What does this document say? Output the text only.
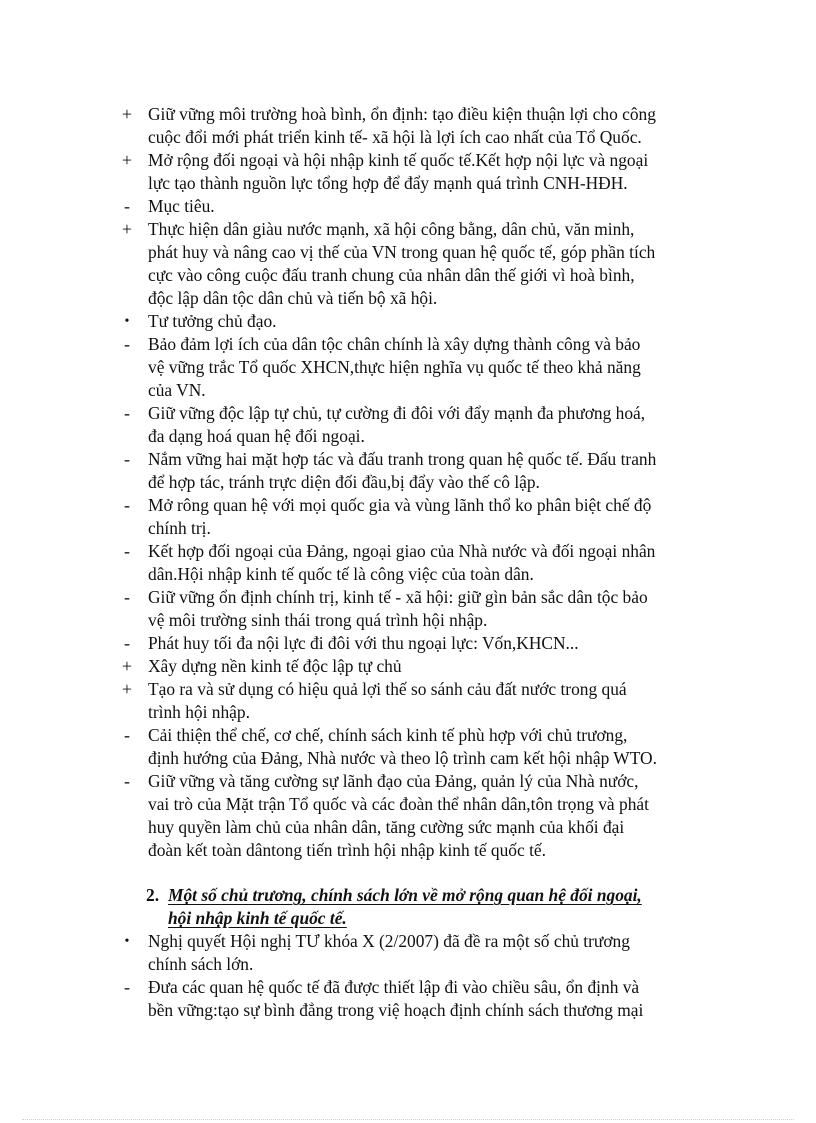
+ Giữ vững môi trường hoà bình, ổn định: tạo điều kiện thuận lợi cho công
cuộc đổi mới phát triển kinh tế- xã hội là lợi ích cao nhất của Tổ Quốc.
+ Mở rộng đối ngoại và hội nhập kinh tế quốc tế.Kết hợp nội lực và ngoại
lực tạo thành nguồn lực tổng hợp để đẩy mạnh quá trình CNH-HĐH.
-	Mục tiêu.
+ Thực hiện dân giàu nước mạnh, xã hội công bằng, dân chủ, văn minh,
phát huy và nâng cao vị thế của VN trong quan hệ quốc tế, góp phần tích
cực vào công cuộc đấu tranh chung của nhân dân thế giới vì hoà bình,
độc lập dân tộc dân chủ và tiến bộ xã hội.
•	Tư tưởng chủ đạo.
-	Bảo đảm lợi ích của dân tộc chân chính là xây dựng thành công và bảo
vệ vững trắc Tổ quốc XHCN,thực hiện nghĩa vụ quốc tế theo khả năng
của VN.
-	Giữ vững độc lập tự chủ, tự cường đi đôi với đẩy mạnh đa phương hoá,
đa dạng hoá quan hệ đối ngoại.
-	Nắm vững hai mặt hợp tác và đấu tranh trong quan hệ quốc tế. Đấu tranh
để hợp tác, tránh trực diện đối đầu,bị đẩy vào thế cô lập.
-	Mở rông quan hệ với mọi quốc gia và vùng lãnh thổ ko phân biệt chế độ
chính trị.
-	Kết hợp đối ngoại của Đảng, ngoại giao của Nhà nước và đối ngoại nhân
dân.Hội nhập kinh tế quốc tế là công việc của toàn dân.
-	Giữ vững ổn định chính trị, kinh tế - xã hội: giữ gìn bản sắc dân tộc bảo
vệ môi trường sinh thái trong quá trình hội nhập.
-	Phát huy tối đa nội lực đi đôi với thu ngoại lực: Vốn,KHCN...
+ Xây dựng nền kinh tế độc lập tự chủ
+ Tạo ra và sử dụng có hiệu quả lợi thế so sánh cảu đất nước trong quá
trình hội nhập.
-	Cải thiện thể chế, cơ chế, chính sách kinh tế phù hợp với chủ trương,
định hướng của Đảng, Nhà nước và theo lộ trình cam kết hội nhập WTO.
-	Giữ vững và tăng cường sự lãnh đạo của Đảng, quản lý của Nhà nước,
vai trò của Mặt trận Tổ quốc và các đoàn thể nhân dân,tôn trọng và phát
huy quyền làm chủ của nhân dân, tăng cường sức mạnh của khối đại
đoàn kết toàn dântong tiến trình hội nhập kinh tế quốc tế.
2. Một số chủ trương, chính sách lớn về mở rộng quan hệ đối ngoại,
hội nhập kinh tế quốc tế.
•	Nghị quyết Hội nghị TƯ khóa X (2/2007) đã đề ra một số chủ trương
chính sách lớn.
-	Đưa các quan hệ quốc tế đã được thiết lập đi vào chiều sâu, ổn định và
bền vững:tạo sự bình đẳng trong việ hoạch định chính sách thương mại
